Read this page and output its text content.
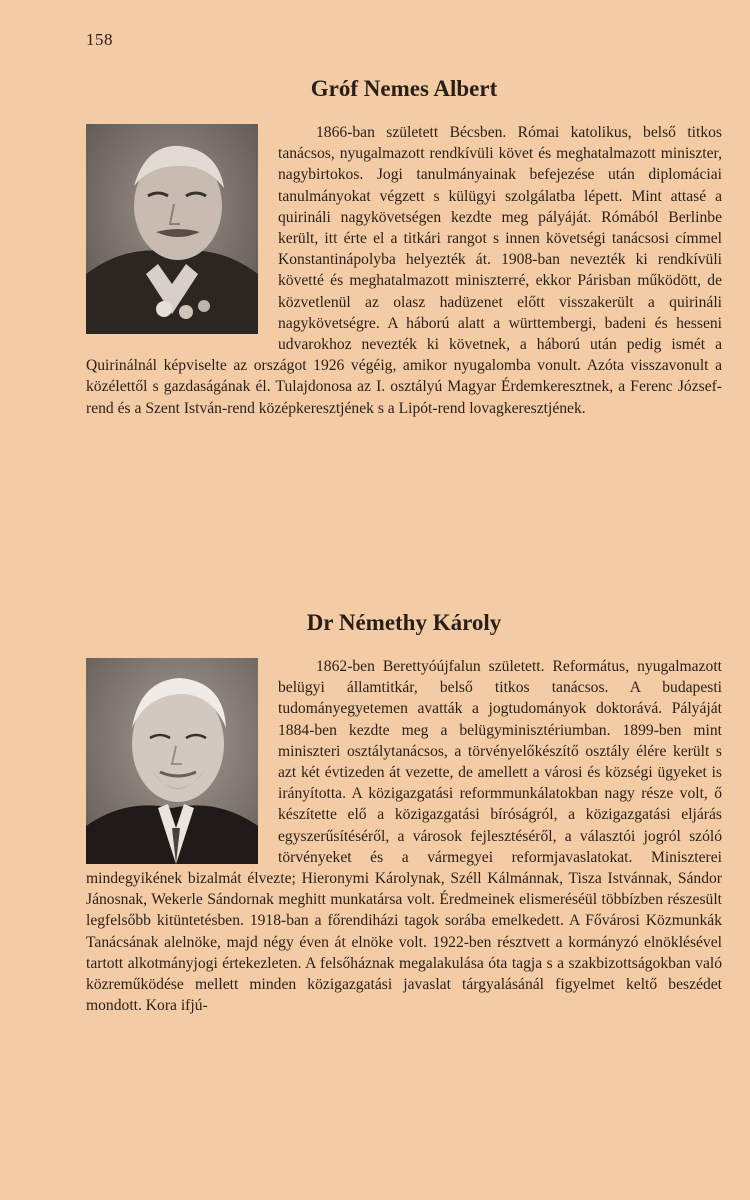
158
Gróf Nemes Albert

1866-ban született Bécsben. Római katolikus, belső titkos tanácsos, nyugalmazott rendkívüli követ és meghatalmazott miniszter, nagybirtokos. Jogi tanulmányainak befejezése után diplomáciai tanulmányokat végzett s külügyi szolgálatba lépett. Mint attasé a quirináli nagykövetségen kezdte meg pályáját. Rómából Berlinbe került, itt érte el a titkári rangot s innen követségi tanácsosi címmel Konstantinápolyba helyezték át. 1908-ban nevezték ki rendkívüli követté és meghatalmazott miniszterré, ekkor Párisban működött, de közvetlenül az olasz hadüzenet előtt visszakerült a quirináli nagykövetségre. A háború alatt a württembergi, badeni és hesseni udvarokhoz nevezték ki követnek, a háború után pedig ismét a Quirinálnál képviselte az országot 1926 végéig, amikor nyugalomba vonult. Azóta visszavonult a közélettől s gazdaságának él. Tulajdonosa az I. osztályú Magyar Érdemkeresztnek, a Ferenc József-rend és a Szent István-rend középkeresztjének s a Lipót-rend lovagkeresztjének.

Dr Némethy Károly

1862-ben Berettyóújfalun született. Református, nyugalmazott belügyi államtitkár, belső titkos tanácsos. A budapesti tudományegyetemen avatták a jogtudományok doktorává. Pályáját 1884-ben kezdte meg a belügyminisztériumban. 1899-ben mint miniszteri osztálytanácsos, a törvényelőkészítő osztály élére került s azt két évtizeden át vezette, de amellett a városi és községi ügyeket is irányította. A közigazgatási reformmunkálatokban nagy része volt, ő készítette elő a közigazgatási bíróságról, a közigazgatási eljárás egyszerűsítéséről, a városok fejlesztéséről, a választói jogról szóló törvényeket és a vármegyei reformjavaslatokat. Miniszterei mindegyikének bizalmát élvezte; Hieronymi Károlynak, Széll Kálmánnak, Tisza Istvánnak, Sándor Jánosnak, Wekerle Sándornak meghitt munkatársa volt. Éredmeinek elismeréséül többízben részesült legfelsőbb kitüntetésben. 1918-ban a főrendiházi tagok sorába emelkedett. A Fővárosi Közmunkák Tanácsának alelnöke, majd négy éven át elnöke volt. 1922-ben résztvett a kormányzó elnöklésével tartott alkotmányjogi értekezleten. A felsőháznak megalakulása óta tagja s a szakbizottságokban való közreműködése mellett minden közigazgatási javaslat tárgyalásánál figyelmet keltő beszédet mondott. Kora ifjú-
